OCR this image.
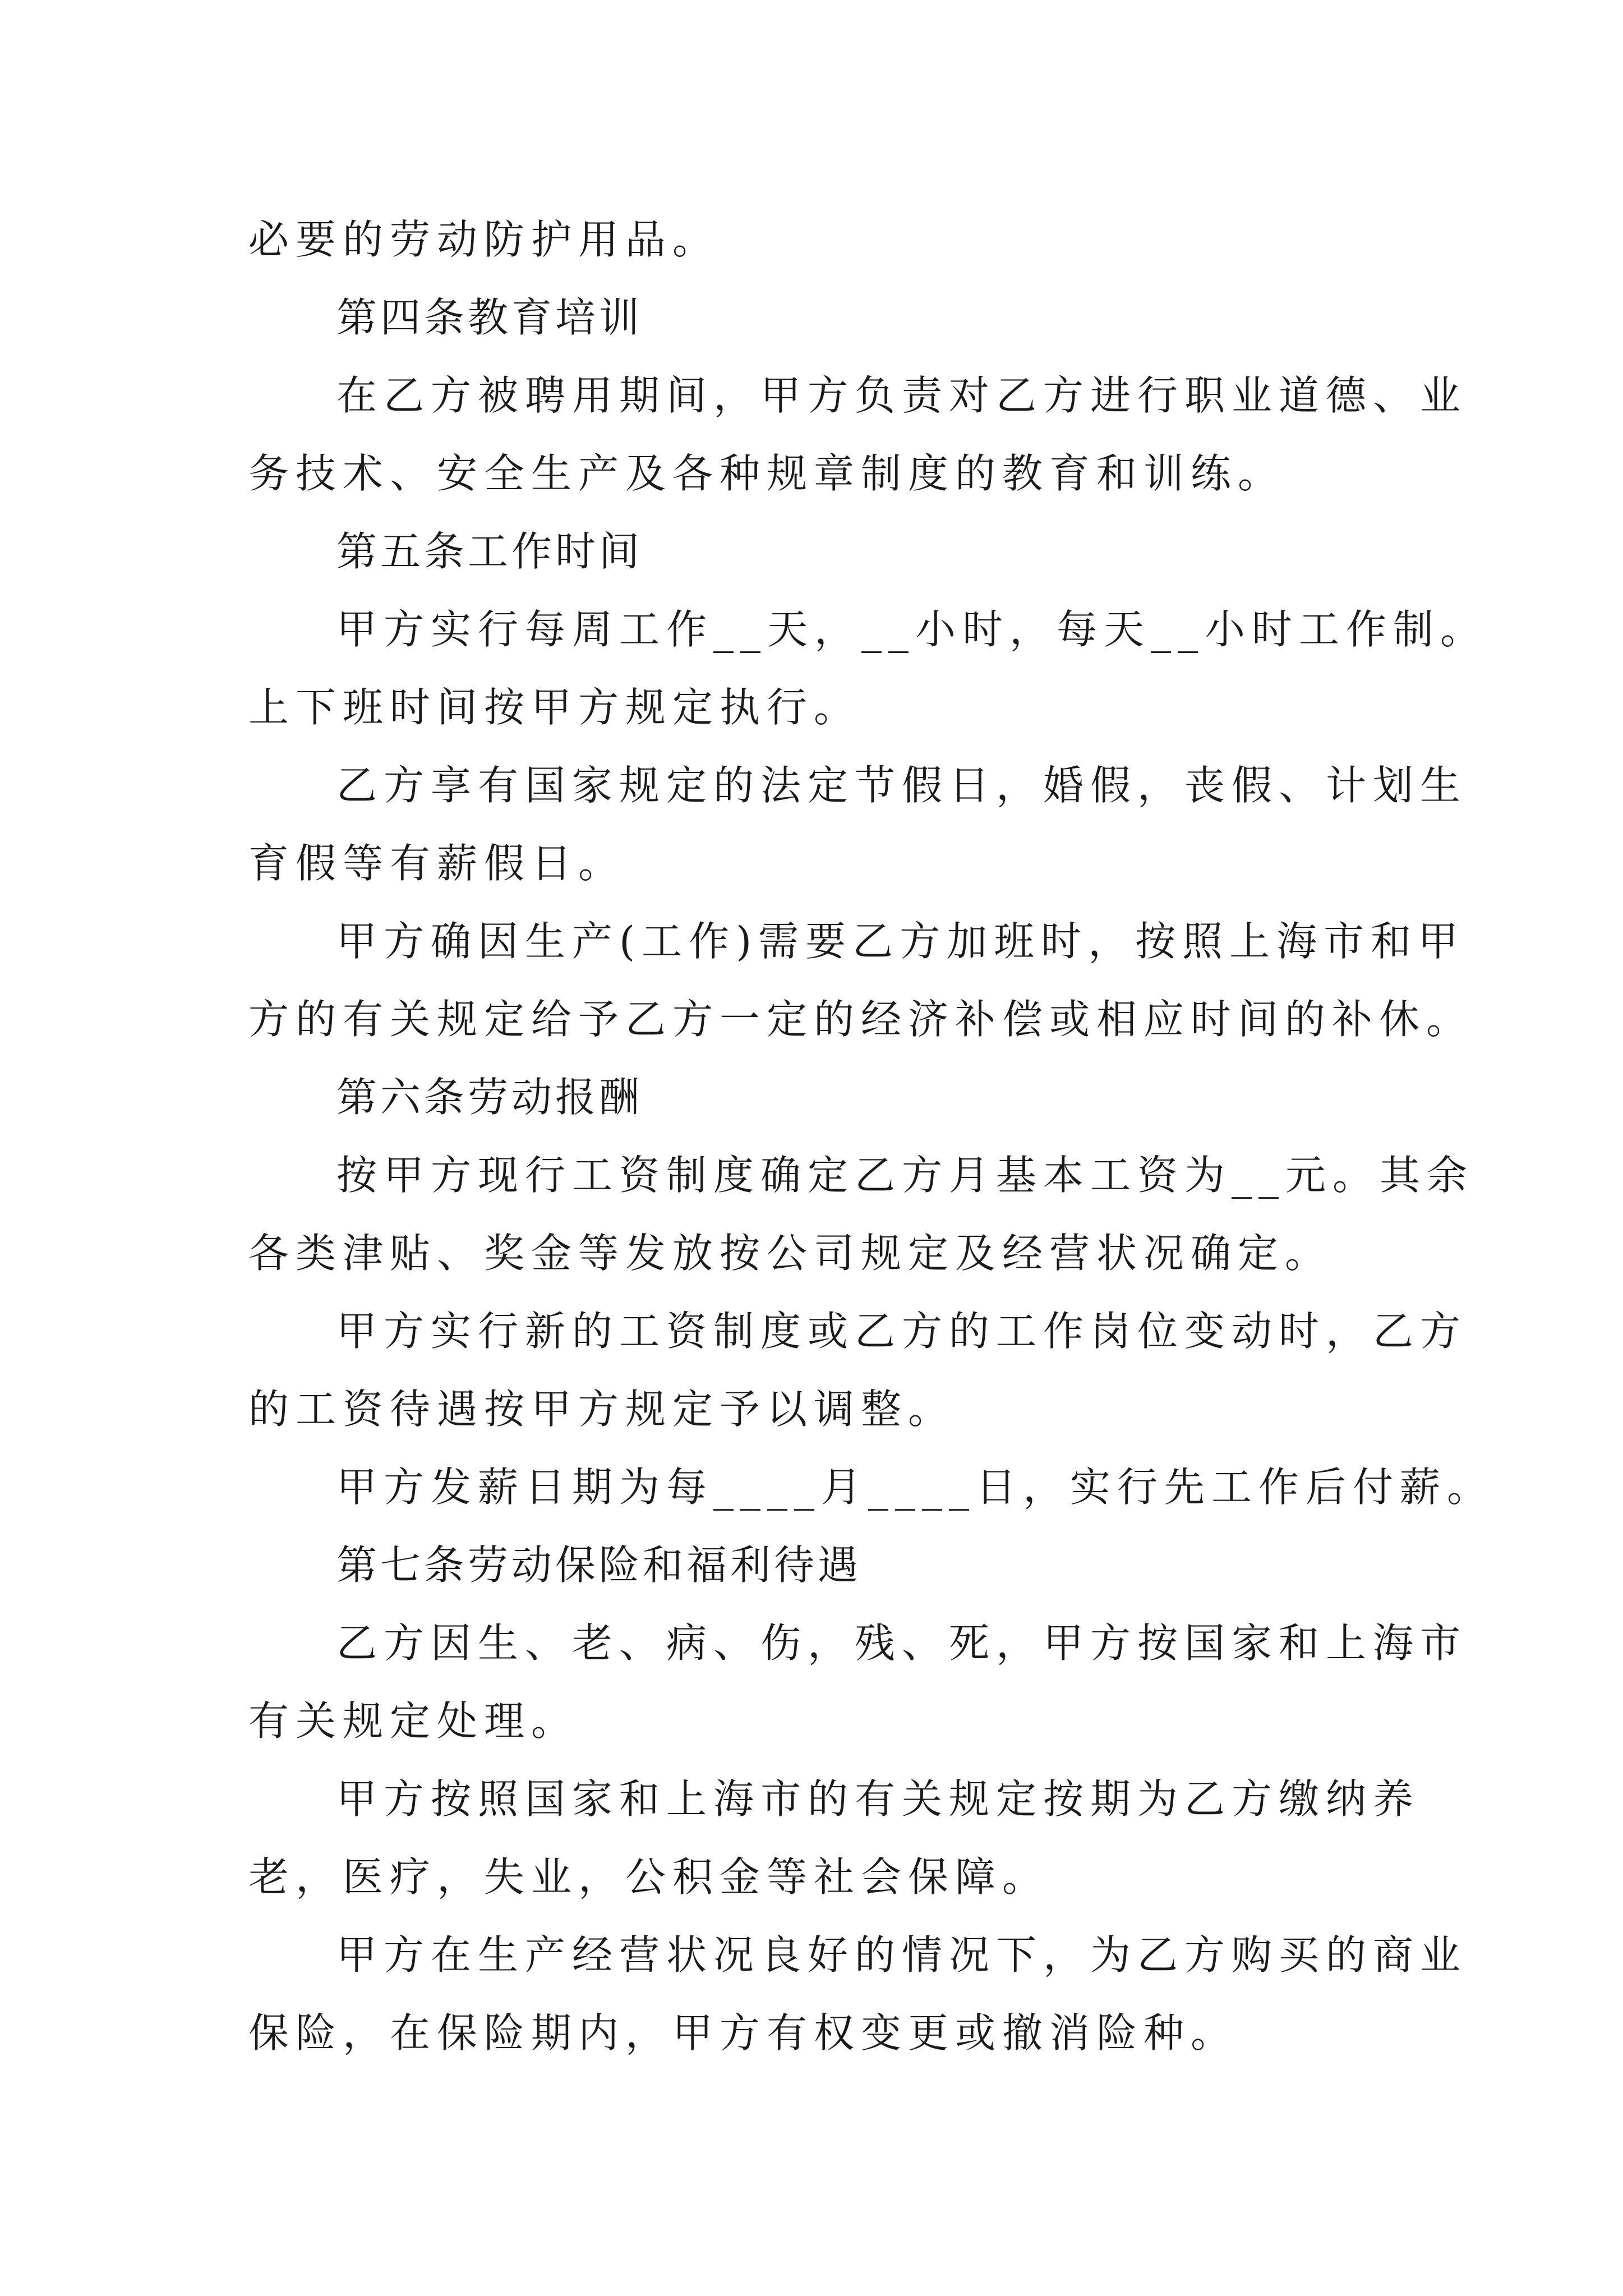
必要的劳动防护用品。
第四条教育培训
在乙方被聘用期间，甲方负责对乙方进行职业道德、业
务技术、安全生产及各种规章制度的教育和训练。
第五条工作时间
甲方实行每周工作__天，__小时，每天__小时工作制。
上下班时间按甲方规定执行。
乙方享有国家规定的法定节假日，婚假，丧假、计划生
育假等有薪假日。
甲方确因生产(工作)需要乙方加班时，按照上海市和甲
方的有关规定给予乙方一定的经济补偿或相应时间的补休。
第六条劳动报酬
按甲方现行工资制度确定乙方月基本工资为__元。其余
各类津贴、奖金等发放按公司规定及经营状况确定。
甲方实行新的工资制度或乙方的工作岗位变动时，乙方
的工资待遇按甲方规定予以调整。
甲方发薪日期为每____月____日，实行先工作后付薪。
第七条劳动保险和福利待遇
乙方因生、老、病、伤，残、死，甲方按国家和上海市
有关规定处理。
甲方按照国家和上海市的有关规定按期为乙方缴纳养
老，医疗，失业，公积金等社会保障。
甲方在生产经营状况良好的情况下，为乙方购买的商业
保险，在保险期内，甲方有权变更或撤消险种。
